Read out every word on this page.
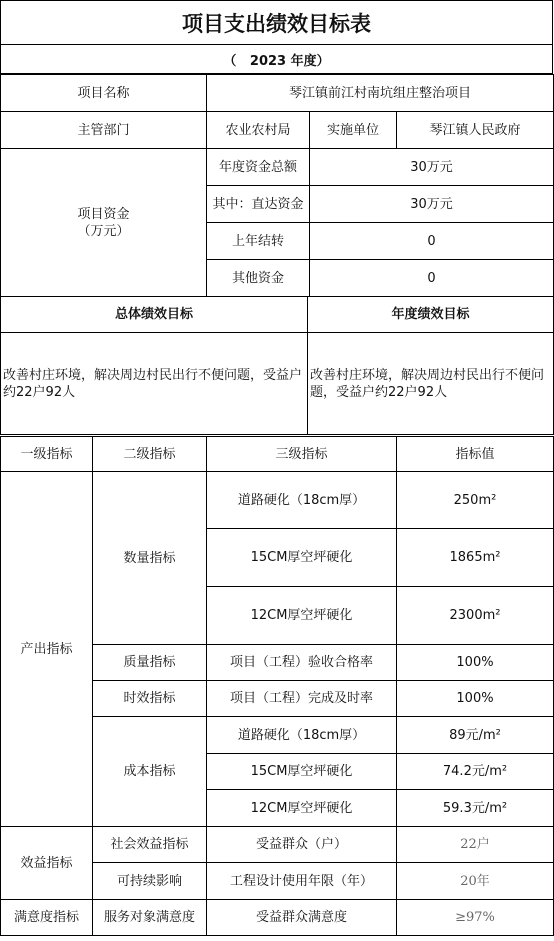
项目支出绩效目标表
（   2023 年度）
项目名称	琴江镇前江村南坑组庄整治项目		
主管部门	农业农村局	实施单位	琴江镇人民政府
项目资金（万元）	年度资金总额	30万元	
	其中：直达资金	30万元	
	上年结转	0	
	其他资金	0	
总体绩效目标	年度绩效目标
改善村庄环境，解决周边村民出行不便问题，受益户约22户92人	改善村庄环境，解决周边村民出行不便问题，受益户约22户92人
一级指标	二级指标	三级指标	指标值
产出指标	数量指标	道路硬化（18cm厚）	250m²
		15CM厚空坪硬化	1865m²
		12CM厚空坪硬化	2300m²
	质量指标	项目（工程）验收合格率	100%
	时效指标	项目（工程）完成及时率	100%
	成本指标	道路硬化（18cm厚）	89元/m²
		15CM厚空坪硬化	74.2元/m²
		12CM厚空坪硬化	59.3元/m²
效益指标	社会效益指标	受益群众（户）	22户
	可持续影响	工程设计使用年限（年）	20年
满意度指标	服务对象满意度	受益群众满意度	≥97%
